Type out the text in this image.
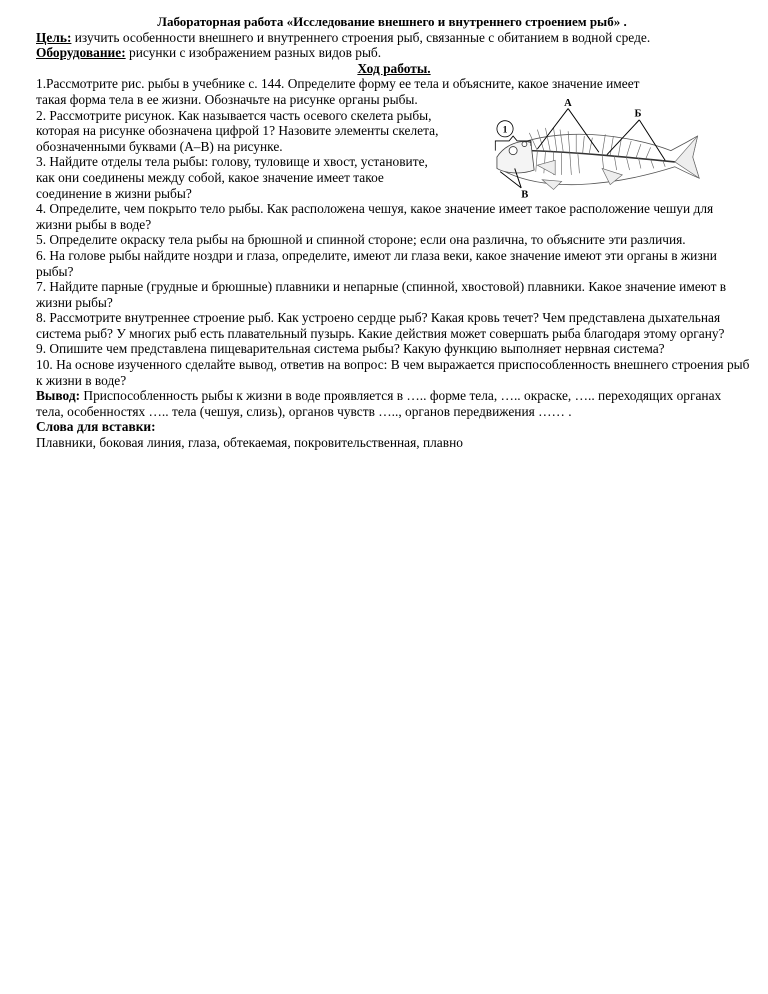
Лабораторная работа «Исследование внешнего и внутреннего строением рыб» .

Цель: изучить особенности внешнего и внутреннего строения рыб, связанные с обитанием в водной среде.

Оборудование: рисунки с изображением разных видов рыб.

Ход работы.

1.Рассмотрите рис. рыбы в учебнике с. 144. Определите форму ее тела и объясните, какое значение имеет

такая форма тела в ее жизни. Обозначьте на рисунке органы рыбы.

2. Рассмотрите рисунок. Как называется часть осевого скелета рыбы, которая на рисунке обозначена цифрой 1? Назовите элементы скелета, обозначенными буквами (А–В) на рисунке.

3. Найдите отделы тела рыбы: голову, туловище и хвост, установите, как они соединены между собой, какое значение имеет такое соединение в жизни рыбы?

4. Определите, чем покрыто тело рыбы. Как расположена чешуя, какое значение имеет такое расположение чешуи для жизни рыбы в воде?

5. Определите окраску тела рыбы на брюшной и спинной стороне; если она различна, то объясните эти различия.

6. На голове рыбы найдите ноздри и глаза, определите, имеют ли глаза веки, какое значение имеют эти органы в жизни рыбы?

7. Найдите парные (грудные и брюшные) плавники и непарные (спинной, хвостовой) плавники. Какое значение имеют в жизни рыбы?

8. Рассмотрите внутреннее строение рыб. Как устроено сердце рыб? Какая кровь течет? Чем представлена дыхательная система рыб? У многих рыб есть плавательный пузырь. Какие действия может совершать рыба благодаря этому органу?

9. Опишите чем представлена пищеварительная система рыбы? Какую функцию выполняет нервная система?

10. На основе изученного сделайте вывод, ответив на вопрос: В чем выражается приспособленность внешнего строения рыб к жизни в воде?

Вывод: Приспособленность рыбы к жизни в воде проявляется в ….. форме тела, ….. окраске, ….. переходящих органах тела, особенностях ….. тела (чешуя, слизь), органов чувств ….., органов передвижения …… .

Слова для вставки:

Плавники, боковая линия, глаза, обтекаемая, покровительственная, плавно

1
А
Б
В
